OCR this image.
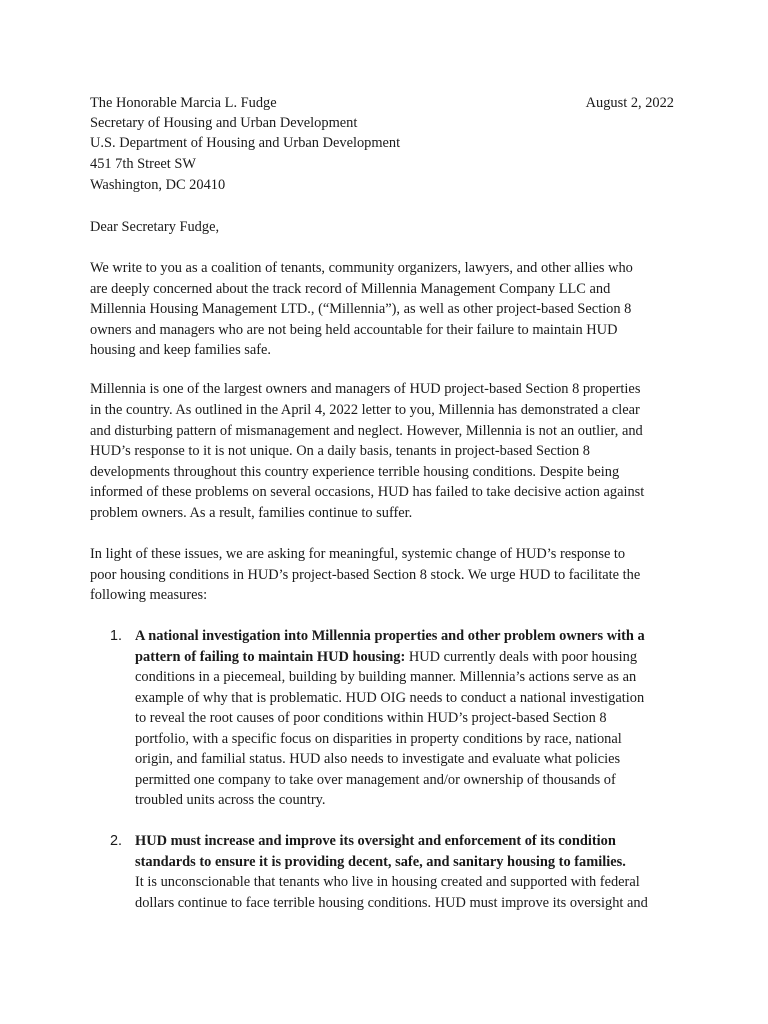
The Honorable Marcia L. Fudge
Secretary of Housing and Urban Development
U.S. Department of Housing and Urban Development
451 7th Street SW
Washington, DC 20410
August 2, 2022
Dear Secretary Fudge,
We write to you as a coalition of tenants, community organizers, lawyers, and other allies who
are deeply concerned about the track record of Millennia Management Company LLC and
Millennia Housing Management LTD., (“Millennia”), as well as other project-based Section 8
owners and managers who are not being held accountable for their failure to maintain HUD
housing and keep families safe.
Millennia is one of the largest owners and managers of HUD project-based Section 8 properties
in the country. As outlined in the April 4, 2022 letter to you, Millennia has demonstrated a clear
and disturbing pattern of mismanagement and neglect. However, Millennia is not an outlier, and
HUD’s response to it is not unique. On a daily basis, tenants in project-based Section 8
developments throughout this country experience terrible housing conditions. Despite being
informed of these problems on several occasions, HUD has failed to take decisive action against
problem owners. As a result, families continue to suffer.
In light of these issues, we are asking for meaningful, systemic change of HUD’s response to
poor housing conditions in HUD’s project-based Section 8 stock. We urge HUD to facilitate the
following measures:
1. A national investigation into Millennia properties and other problem owners with a
pattern of failing to maintain HUD housing: HUD currently deals with poor housing
conditions in a piecemeal, building by building manner. Millennia’s actions serve as an
example of why that is problematic. HUD OIG needs to conduct a national investigation
to reveal the root causes of poor conditions within HUD’s project-based Section 8
portfolio, with a specific focus on disparities in property conditions by race, national
origin, and familial status. HUD also needs to investigate and evaluate what policies
permitted one company to take over management and/or ownership of thousands of
troubled units across the country.
2. HUD must increase and improve its oversight and enforcement of its condition
standards to ensure it is providing decent, safe, and sanitary housing to families.
It is unconscionable that tenants who live in housing created and supported with federal
dollars continue to face terrible housing conditions. HUD must improve its oversight and
